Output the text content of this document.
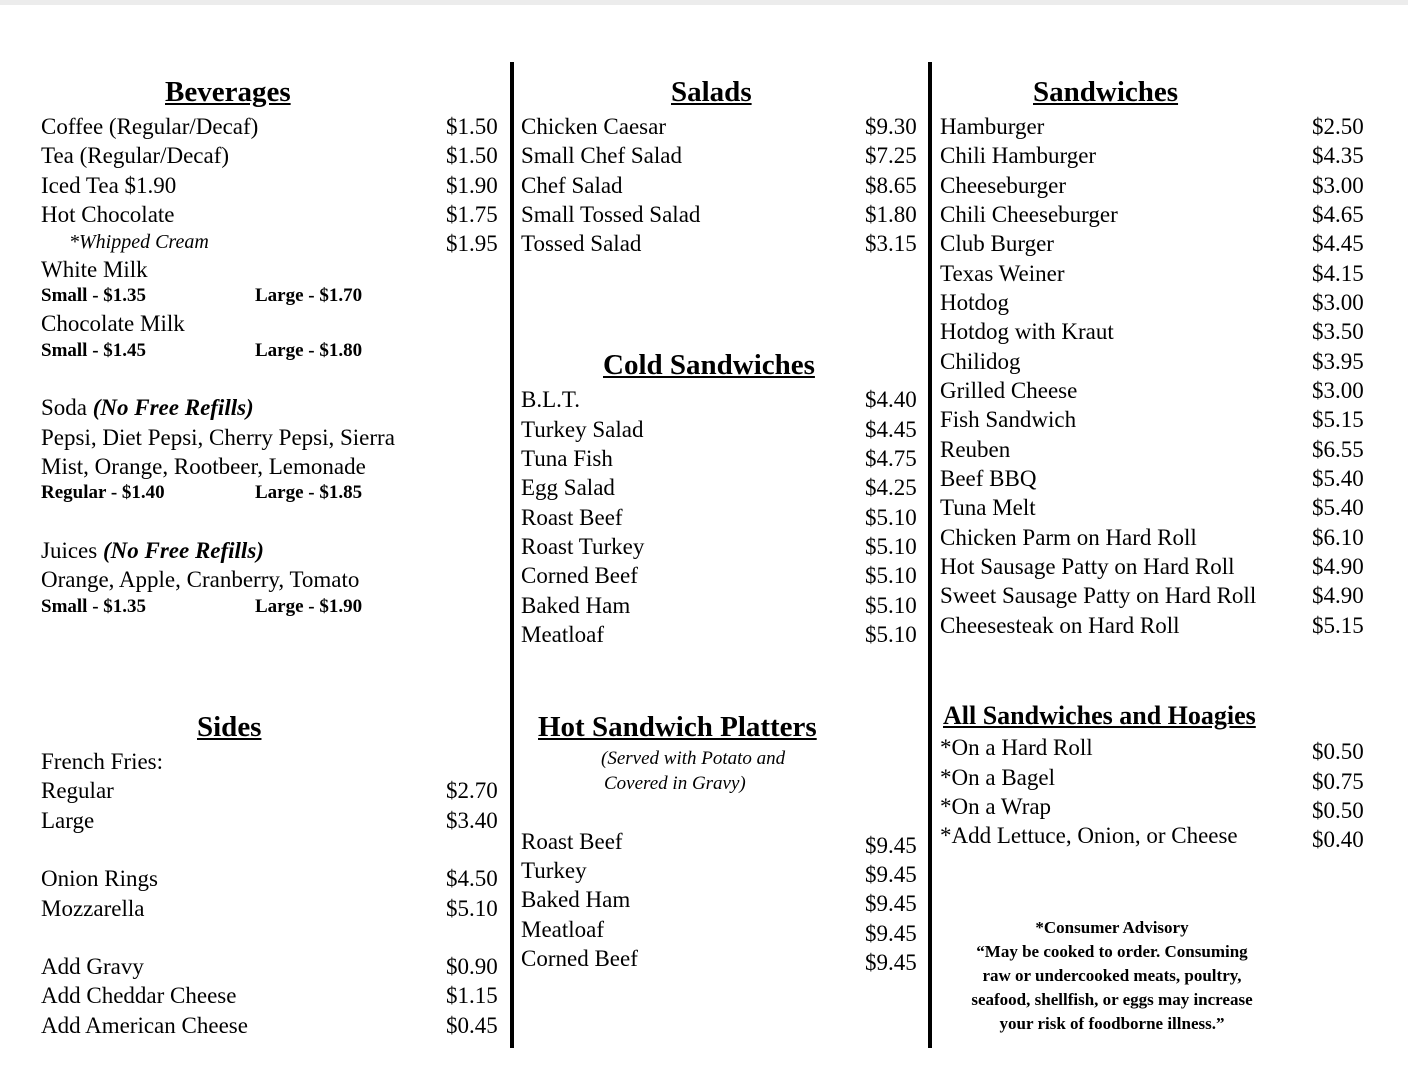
Beverages
Coffee (Regular/Decaf)	$1.50
Tea (Regular/Decaf)	$1.50
Iced Tea $1.90	$1.90
Hot Chocolate	$1.75
*Whipped Cream	$1.95
White Milk
Small - $1.35	Large - $1.70
Chocolate Milk
Small - $1.45	Large - $1.80
Soda (No Free Refills)
Pepsi, Diet Pepsi, Cherry Pepsi, Sierra
Mist, Orange, Rootbeer, Lemonade
Regular - $1.40	Large - $1.85
Juices (No Free Refills)
Orange, Apple, Cranberry, Tomato
Small - $1.35	Large - $1.90
Sides
French Fries:
Regular	$2.70
Large	$3.40
Onion Rings	$4.50
Mozzarella	$5.10
Add Gravy	$0.90
Add Cheddar Cheese	$1.15
Add American Cheese	$0.45
Salads
Chicken Caesar	$9.30
Small Chef Salad	$7.25
Chef Salad	$8.65
Small Tossed Salad	$1.80
Tossed Salad	$3.15
Cold Sandwiches
B.L.T.	$4.40
Turkey Salad	$4.45
Tuna Fish	$4.75
Egg Salad	$4.25
Roast Beef	$5.10
Roast Turkey	$5.10
Corned Beef	$5.10
Baked Ham	$5.10
Meatloaf	$5.10
Hot Sandwich Platters
(Served with Potato and
Covered in Gravy)
Roast Beef	$9.45
Turkey	$9.45
Baked Ham	$9.45
Meatloaf	$9.45
Corned Beef	$9.45
Sandwiches
Hamburger	$2.50
Chili Hamburger	$4.35
Cheeseburger	$3.00
Chili Cheeseburger	$4.65
Club Burger	$4.45
Texas Weiner	$4.15
Hotdog	$3.00
Hotdog with Kraut	$3.50
Chilidog	$3.95
Grilled Cheese	$3.00
Fish Sandwich	$5.15
Reuben	$6.55
Beef BBQ	$5.40
Tuna Melt	$5.40
Chicken Parm on Hard Roll	$6.10
Hot Sausage Patty on Hard Roll	$4.90
Sweet Sausage Patty on Hard Roll $4.90
Cheesesteak on Hard Roll	$5.15
All Sandwiches and Hoagies
*On a Hard Roll	$0.50
*On a Bagel	$0.75
*On a Wrap	$0.50
*Add Lettuce, Onion, or Cheese	$0.40
*Consumer Advisory
“May be cooked to order. Consuming
raw or undercooked meats, poultry,
seafood, shellfish, or eggs may increase
your risk of foodborne illness.”
